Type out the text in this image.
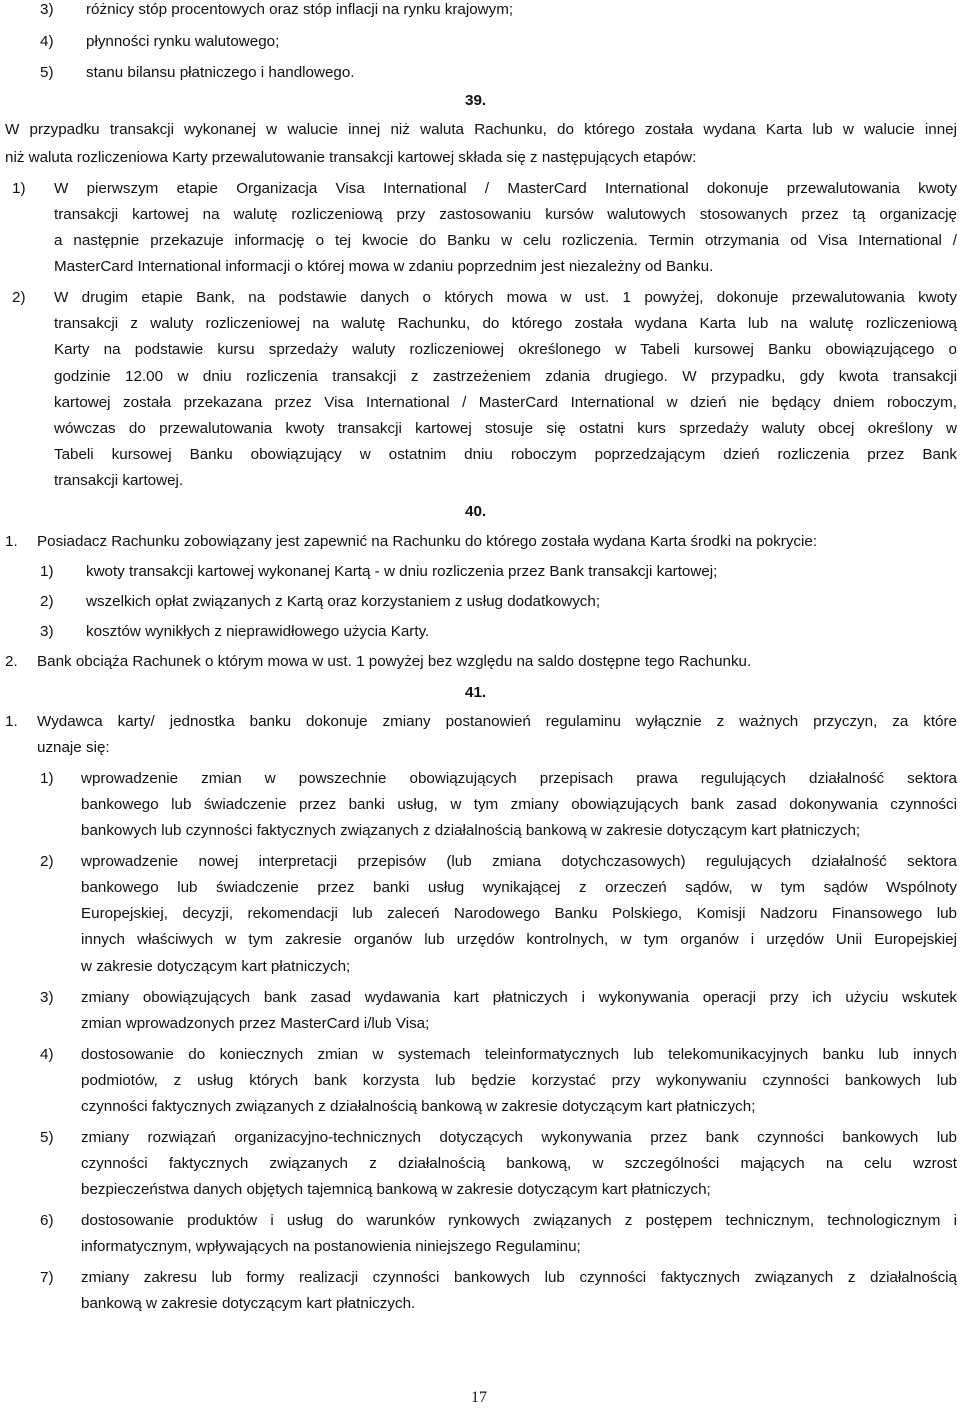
3) różnicy stóp procentowych oraz stóp inflacji na rynku krajowym;
4) płynności rynku walutowego;
5) stanu bilansu płatniczego i handlowego.
39.
W przypadku transakcji wykonanej w walucie innej niż waluta Rachunku, do którego została wydana Karta lub w walucie innej
niż waluta rozliczeniowa Karty przewalutowanie transakcji kartowej składa się z następujących etapów:
1) W pierwszym etapie Organizacja Visa International / MasterCard International dokonuje przewalutowania kwoty
transakcji kartowej na walutę rozliczeniową przy zastosowaniu kursów walutowych stosowanych przez tą organizację
a następnie przekazuje informację o tej kwocie do Banku w celu rozliczenia. Termin otrzymania od Visa International /
MasterCard International informacji o której mowa w zdaniu poprzednim jest niezależny od Banku.
2) W drugim etapie Bank, na podstawie danych o których mowa w ust. 1 powyżej, dokonuje przewalutowania kwoty
transakcji z waluty rozliczeniowej na walutę Rachunku, do którego została wydana Karta lub na walutę rozliczeniową
Karty na podstawie kursu sprzedaży waluty rozliczeniowej określonego w Tabeli kursowej Banku obowiązującego o
godzinie 12.00 w dniu rozliczenia transakcji z zastrzeżeniem zdania drugiego. W przypadku, gdy kwota transakcji
kartowej została przekazana przez Visa International / MasterCard International w dzień nie będący dniem roboczym,
wówczas do przewalutowania kwoty transakcji kartowej stosuje się ostatni kurs sprzedaży waluty obcej określony w
Tabeli kursowej Banku obowiązujący w ostatnim dniu roboczym poprzedzającym dzień rozliczenia przez Bank
transakcji kartowej.
40.
1. Posiadacz Rachunku zobowiązany jest zapewnić na Rachunku do którego została wydana Karta środki na pokrycie:
1) kwoty transakcji kartowej wykonanej Kartą - w dniu rozliczenia przez Bank transakcji kartowej;
2) wszelkich opłat związanych z Kartą oraz korzystaniem z usług dodatkowych;
3) kosztów wynikłych z nieprawidłowego użycia Karty.
2. Bank obciąża Rachunek o którym mowa w ust. 1 powyżej bez względu na saldo dostępne tego Rachunku.
41.
1. Wydawca karty/ jednostka banku dokonuje zmiany postanowień regulaminu wyłącznie z ważnych przyczyn, za które
uznaje się:
1) wprowadzenie zmian w powszechnie obowiązujących przepisach prawa regulujących działalność sektora
bankowego lub świadczenie przez banki usług, w tym zmiany obowiązujących bank zasad dokonywania czynności
bankowych lub czynności faktycznych związanych z działalnością bankową w zakresie dotyczącym kart płatniczych;
2) wprowadzenie nowej interpretacji przepisów (lub zmiana dotychczasowych) regulujących działalność sektora
bankowego lub świadczenie przez banki usług wynikającej z orzeczeń sądów, w tym sądów Wspólnoty
Europejskiej, decyzji, rekomendacji lub zaleceń Narodowego Banku Polskiego, Komisji Nadzoru Finansowego lub
innych właściwych w tym zakresie organów lub urzędów kontrolnych, w tym organów i urzędów Unii Europejskiej
w zakresie dotyczącym kart płatniczych;
3) zmiany obowiązujących bank zasad wydawania kart płatniczych i wykonywania operacji przy ich użyciu wskutek
zmian wprowadzonych przez MasterCard i/lub Visa;
4) dostosowanie do koniecznych zmian w systemach teleinformatycznych lub telekomunikacyjnych banku lub innych
podmiotów, z usług których bank korzysta lub będzie korzystać przy wykonywaniu czynności bankowych lub
czynności faktycznych związanych z działalnością bankową w zakresie dotyczącym kart płatniczych;
5) zmiany rozwiązań organizacyjno-technicznych dotyczących wykonywania przez bank czynności bankowych lub
czynności faktycznych związanych z działalnością bankową, w szczególności mających na celu wzrost
bezpieczeństwa danych objętych tajemnicą bankową w zakresie dotyczącym kart płatniczych;
6) dostosowanie produktów i usług do warunków rynkowych związanych z postępem technicznym, technologicznym i
informatycznym, wpływających na postanowienia niniejszego Regulaminu;
7) zmiany zakresu lub formy realizacji czynności bankowych lub czynności faktycznych związanych z działalnością
bankową w zakresie dotyczącym kart płatniczych.
17
